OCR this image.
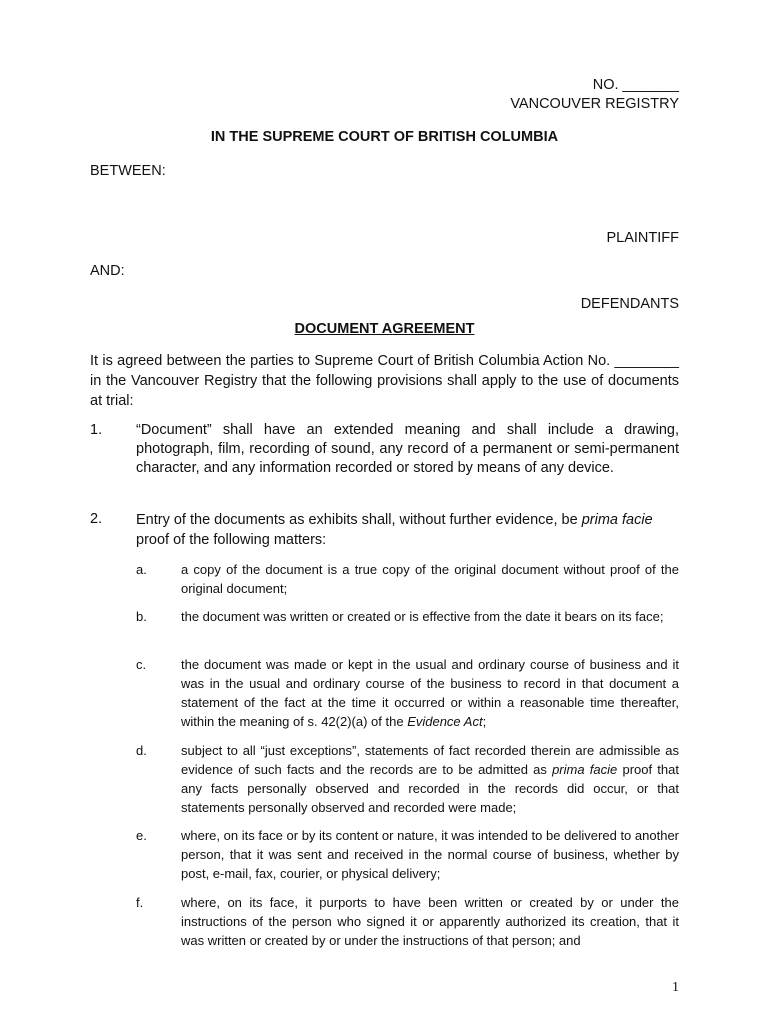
NO. _______
VANCOUVER REGISTRY
IN THE SUPREME COURT OF BRITISH COLUMBIA
BETWEEN:
PLAINTIFF
AND:
DEFENDANTS
DOCUMENT AGREEMENT
It is agreed between the parties to Supreme Court of British Columbia Action No. ________ in the Vancouver Registry that the following provisions shall apply to the use of documents at trial:
1. “Document” shall have an extended meaning and shall include a drawing, photograph, film, recording of sound, any record of a permanent or semi-permanent character, and any information recorded or stored by means of any device.
2. Entry of the documents as exhibits shall, without further evidence, be prima facie proof of the following matters:
a.	a copy of the document is a true copy of the original document without proof of the original document;
b.	the document was written or created or is effective from the date it bears on its face;
c.	the document was made or kept in the usual and ordinary course of business and it was in the usual and ordinary course of the business to record in that document a statement of the fact at the time it occurred or within a reasonable time thereafter, within the meaning of s. 42(2)(a) of the Evidence Act;
d.	subject to all “just exceptions”, statements of fact recorded therein are admissible as evidence of such facts and the records are to be admitted as prima facie proof that any facts personally observed and recorded in the records did occur, or that statements personally observed and recorded were made;
e.	where, on its face or by its content or nature, it was intended to be delivered to another person, that it was sent and received in the normal course of business, whether by post, e-mail, fax, courier, or physical delivery;
f.	where, on its face, it purports to have been written or created by or under the instructions of the person who signed it or apparently authorized its creation, that it was written or created by or under the instructions of that person; and
1
